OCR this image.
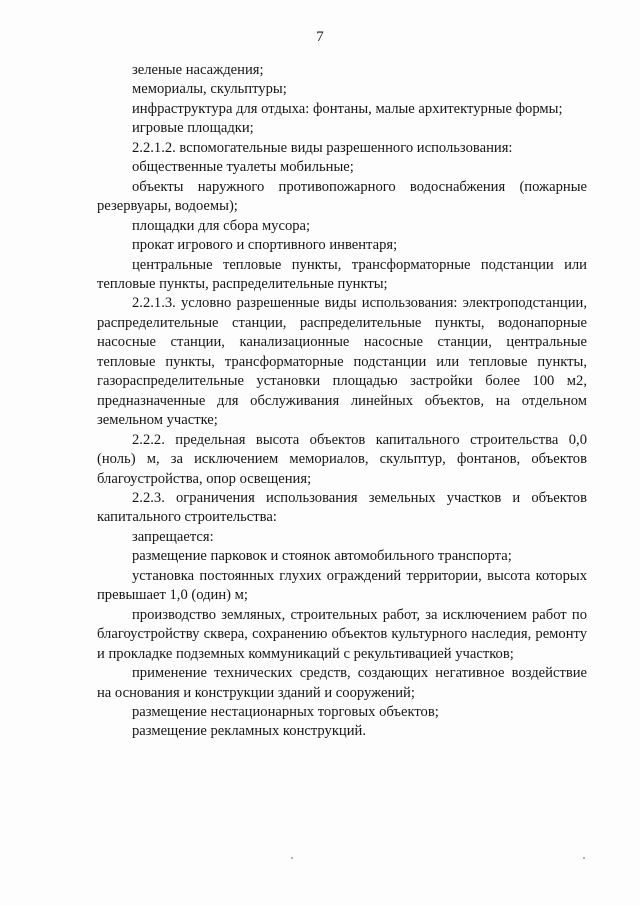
7

зеленые насаждения;

мемориалы, скульптуры;

инфраструктура для отдыха: фонтаны, малые архитектурные формы;

игровые площадки;

2.2.1.2. вспомогательные виды разрешенного использования:

общественные туалеты мобильные;

объекты наружного противопожарного водоснабжения (пожарные резервуары, водоемы);

площадки для сбора мусора;

прокат игрового и спортивного инвентаря;

центральные тепловые пункты, трансформаторные подстанции или тепловые пункты, распределительные пункты;

2.2.1.3. условно разрешенные виды использования: электроподстанции, распределительные станции, распределительные пункты, водонапорные насосные станции, канализационные насосные станции, центральные тепловые пункты, трансформаторные подстанции или тепловые пункты, газораспределительные установки площадью застройки более 100 м2, предназначенные для обслуживания линейных объектов, на отдельном земельном участке;

2.2.2. предельная высота объектов капитального строительства 0,0 (ноль) м, за исключением мемориалов, скульптур, фонтанов, объектов благоустройства, опор освещения;

2.2.3. ограничения использования земельных участков и объектов капитального строительства:

запрещается:

размещение парковок и стоянок автомобильного транспорта;

установка постоянных глухих ограждений территории, высота которых превышает 1,0 (один) м;

производство земляных, строительных работ, за исключением работ по благоустройству сквера, сохранению объектов культурного наследия, ремонту и прокладке подземных коммуникаций с рекультивацией участков;

применение технических средств, создающих негативное воздействие на основания и конструкции зданий и сооружений;

размещение нестационарных торговых объектов;

размещение рекламных конструкций.
